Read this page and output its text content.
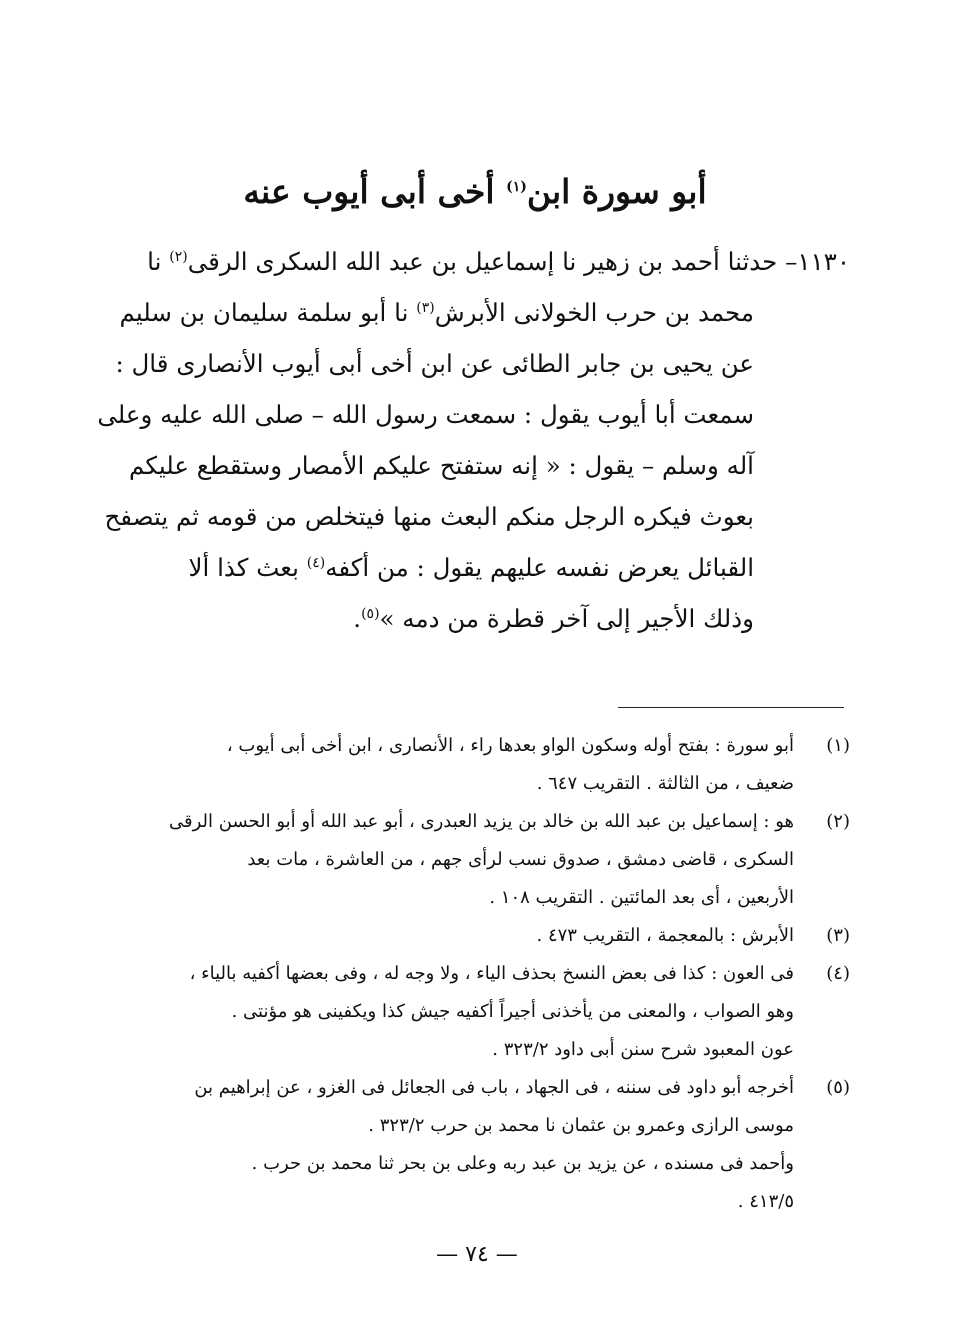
أبو سورة ابن$^{(١)}$ أخى أبى أيوب عنه
١١٣٠– حدثنا أحمد بن زهير نا إسماعيل بن عبد الله السكرى الرقى$^{(٢)}$ نا
محمد بن حرب الخولانى الأبرش$^{(٣)}$ نا أبو سلمة سليمان بن سليم
عن يحيى بن جابر الطائى عن ابن أخى أبى أيوب الأنصارى قال :
سمعت أبا أيوب يقول : سمعت رسول الله – صلى الله عليه وعلى
آله وسلم – يقول : « إنه ستفتح عليكم الأمصار وستقطع عليكم
بعوث فيكره الرجل منكم البعث منها فيتخلص من قومه ثم يتصفح
القبائل يعرض نفسه عليهم يقول : من أكفه$^{(٤)}$ بعث كذا ألا
وذلك الأجير إلى آخر قطرة من دمه »$^{(٥)}$.
(١)
أبو سورة : بفتح أوله وسكون الواو بعدها راء ، الأنصارى ، ابن أخى أبى أيوب ،
ضعيف ، من الثالثة . التقريب ٦٤٧ .
(٢)
هو : إسماعيل بن عبد الله بن خالد بن يزيد العبدرى ، أبو عبد الله أو أبو الحسن الرقى
السكرى ، قاضى دمشق ، صدوق نسب لرأى جهم ، من العاشرة ، مات بعد
الأربعين ، أى بعد المائتين . التقريب ١٠٨ .
(٣)
الأبرش : بالمعجمة ، التقريب ٤٧٣ .
(٤)
فى العون : كذا فى بعض النسخ بحذف الياء ، ولا وجه له ، وفى بعضها أكفيه بالياء ،
وهو الصواب ، والمعنى من يأخذنى أجيراً أكفيه جيش كذا ويكفينى هو مؤنتى .
عون المعبود شرح سنن أبى داود ٣٢٣/٢ .
(٥)
أخرجه أبو داود فى سننه ، فى الجهاد ، باب فى الجعائل فى الغزو ، عن إبراهيم بن
موسى الرازى وعمرو بن عثمان نا محمد بن حرب ٣٢٣/٢ .
وأحمد فى مسنده ، عن يزيد بن عبد ربه وعلى بن بحر ثنا محمد بن حرب .
٤١٣/٥ .
— ٧٤ —
